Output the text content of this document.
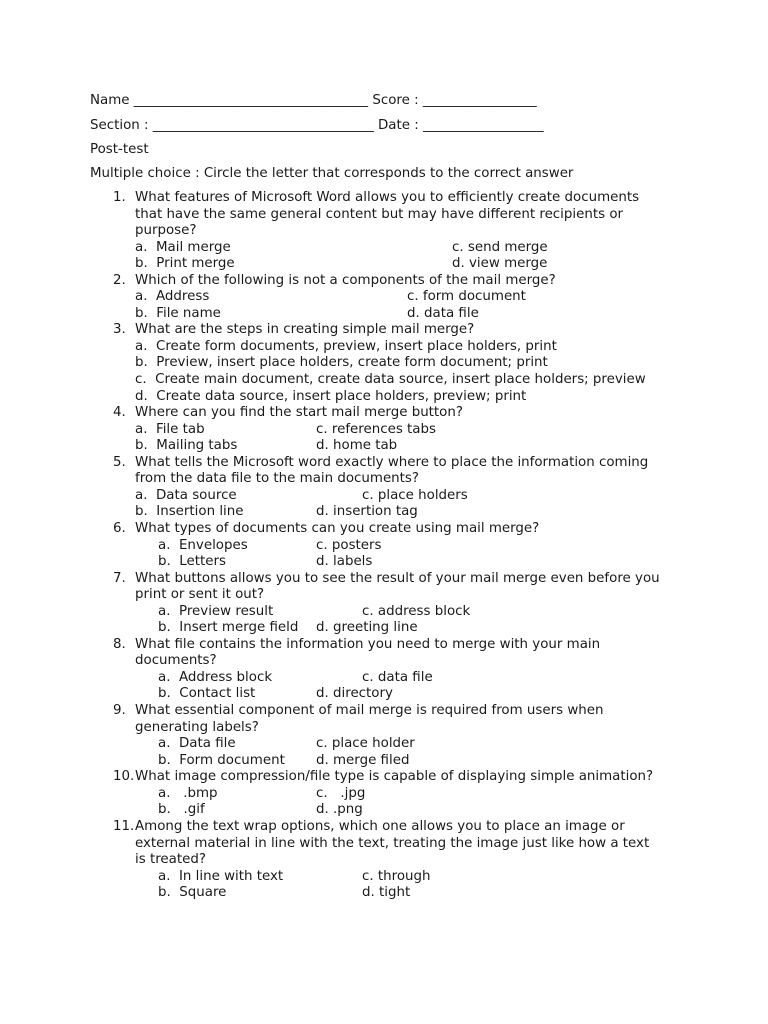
Name ___________________________________ Score : _________________
Section : _________________________________ Date : __________________
Post-test
Multiple choice : Circle the letter that corresponds to the correct answer
1. What features of Microsoft Word allows you to efficiently create documents
that have the same general content but may have different recipients or
purpose?
a.  Mail merge	c. send merge
b.  Print merge	d. view merge
2. Which of the following is not a components of the mail merge?
a.  Address	c. form document
b.  File name	d. data file
3. What are the steps in creating simple mail merge?
a.  Create form documents, preview, insert place holders, print
b.  Preview, insert place holders, create form document; print
c.  Create main document, create data source, insert place holders; preview
d.  Create data source, insert place holders, preview; print
4. Where can you find the start mail merge button?
a.  File tab	c. references tabs
b.  Mailing tabs	d. home tab
5. What tells the Microsoft word exactly where to place the information coming
from the data file to the main documents?
a.  Data source	c. place holders
b.  Insertion line	d. insertion tag
6. What types of documents can you create using mail merge?
a.  Envelopes	c. posters
b.  Letters	d. labels
7. What buttons allows you to see the result of your mail merge even before you
print or sent it out?
a.  Preview result	c. address block
b.  Insert merge field d. greeting line
8. What file contains the information you need to merge with your main
documents?
a.  Address block	c. data file
b.  Contact list	d. directory
9. What essential component of mail merge is required from users when
generating labels?
a.  Data file	c. place holder
b.  Form document d. merge filed
10. What image compression/file type is capable of displaying simple animation?
a.   .bmp	c.   .jpg
b.   .gif	d. .png
11. Among the text wrap options, which one allows you to place an image or
external material in line with the text, treating the image just like how a text
is treated?
a.  In line with text	c. through
b.  Square	d. tight
